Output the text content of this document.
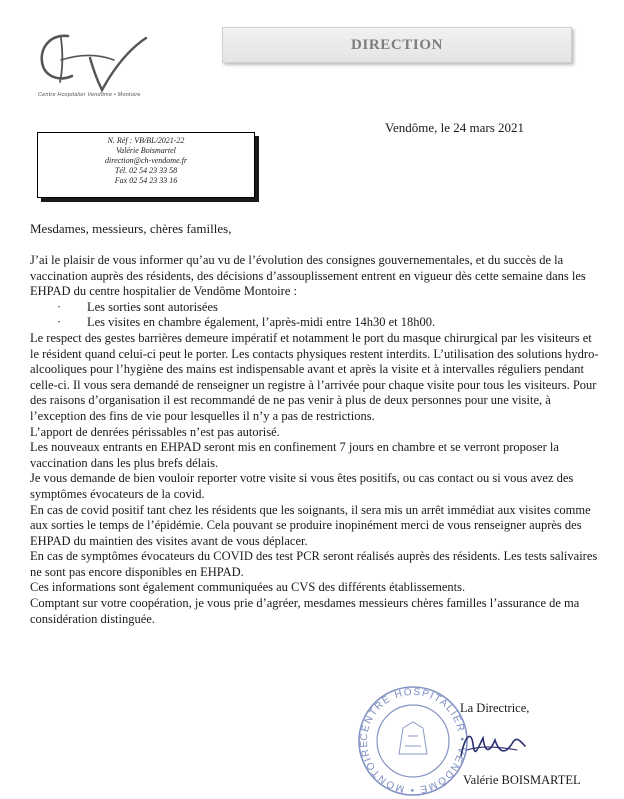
Centre Hospitalier Vendôme • Montoire
DIRECTION
Vendôme, le 24 mars 2021
N. Réf : VB/BL/2021-22
Valérie Boismartel
direction@ch-vendome.fr
Tél. 02 54 23 33 58
Fax 02 54 23 33 16
Mesdames, messieurs, chères familles,

J’ai le plaisir de vous informer qu’au vu de l’évolution des consignes gouvernementales, et du succès de la vaccination auprès des résidents, des décisions d’assouplissement entrent en vigueur dès cette semaine dans les EHPAD du centre hospitalier de Vendôme Montoire :

· Les sorties sont autorisées
· Les visites en chambre également, l’après-midi entre 14h30 et 18h00.

Le respect des gestes barrières demeure impératif et notamment le port du masque chirurgical par les visiteurs et le résident quand celui-ci peut le porter. Les contacts physiques restent interdits. L’utilisation des solutions hydro-alcooliques pour l’hygiène des mains est indispensable avant et après la visite et à intervalles réguliers pendant celle-ci. Il vous sera demandé de renseigner un registre à l’arrivée pour chaque visite pour tous les visiteurs. Pour des raisons d’organisation il est recommandé de ne pas venir à plus de deux personnes pour une visite, à l’exception des fins de vie pour lesquelles il n’y a pas de restrictions.

L’apport de denrées périssables n’est pas autorisé.

Les nouveaux entrants en EHPAD seront mis en confinement 7 jours en chambre et se verront proposer la vaccination dans les plus brefs délais.

Je vous demande de bien vouloir reporter votre visite si vous êtes positifs, ou cas contact ou si vous avez des symptômes évocateurs de la covid.

En cas de covid positif tant chez les résidents que les soignants, il sera mis un arrêt immédiat aux visites comme aux sorties le temps de l’épidémie. Cela pouvant se produire inopinément merci de vous renseigner auprès des EHPAD du maintien des visites avant de vous déplacer.

En cas de symptômes évocateurs du COVID des test PCR seront réalisés auprès des résidents. Les tests salivaires ne sont pas encore disponibles en EHPAD.

Ces informations sont également communiquées au CVS des différents établissements.

Comptant sur votre coopération, je vous prie d’agréer, mesdames messieurs chères familles l’assurance de ma considération distinguée.

CENTRE HOSPITALIER • VENDÔME • MONTOIRE
La Directrice,
Valérie BOISMARTEL
